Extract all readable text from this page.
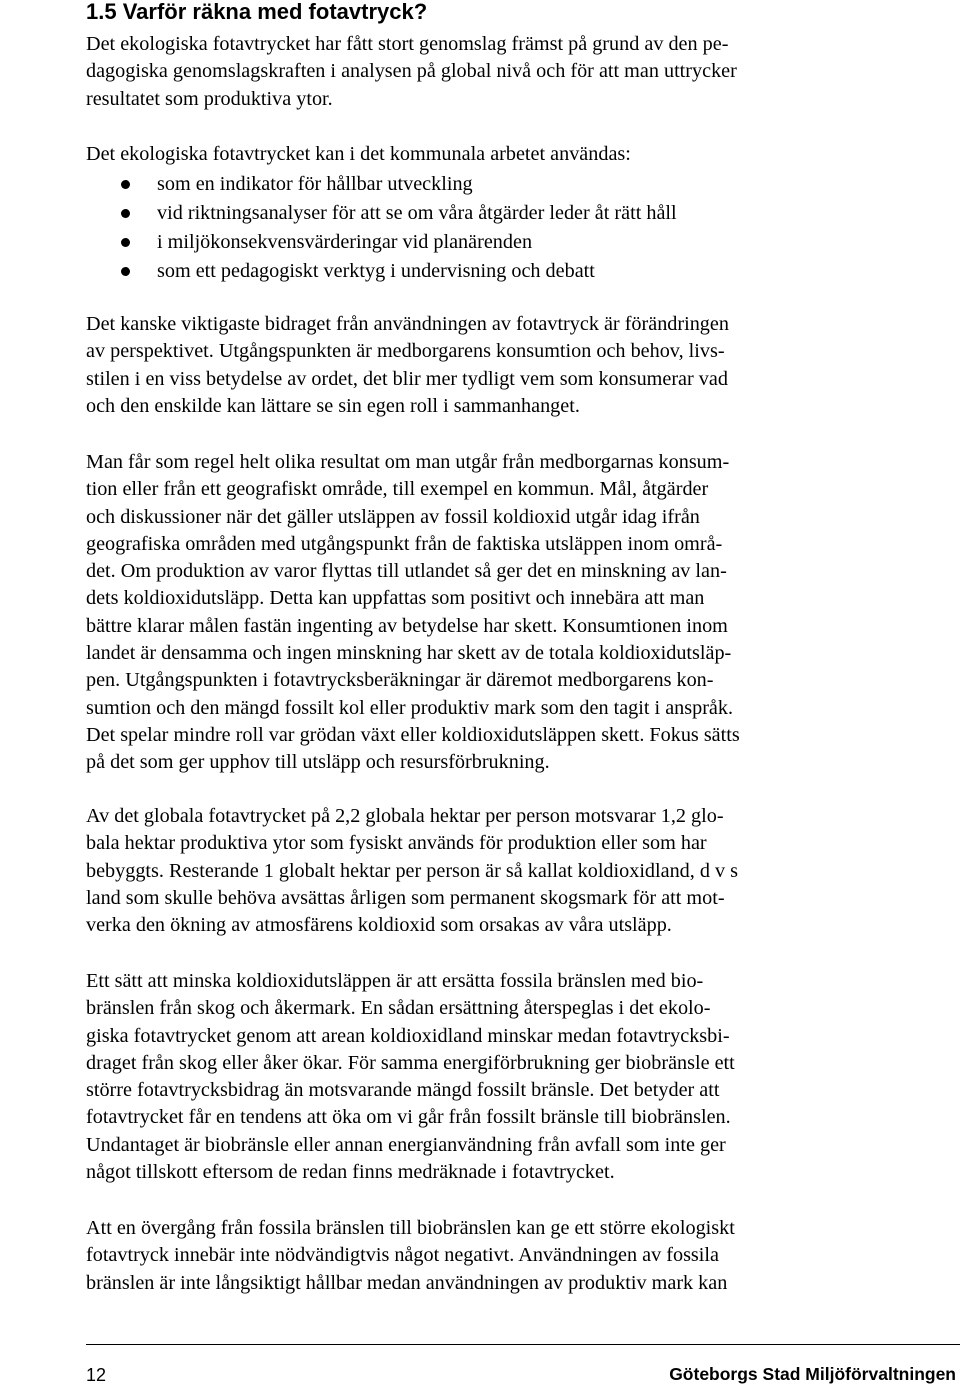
1.5 Varför räkna med fotavtryck?
Det ekologiska fotavtrycket har fått stort genomslag främst på grund av den pe-
dagogiska genomslagskraften i analysen på global nivå och för att man uttrycker
resultatet som produktiva ytor.
Det ekologiska fotavtrycket kan i det kommunala arbetet användas:
som en indikator för hållbar utveckling
vid riktningsanalyser för att se om våra åtgärder leder åt rätt håll
i miljökonsekvensvärderingar vid planärenden
som ett pedagogiskt verktyg i undervisning och debatt
Det kanske viktigaste bidraget från användningen av fotavtryck är förändringen
av perspektivet. Utgångspunkten är medborgarens konsumtion och behov, livs-
stilen i en viss betydelse av ordet, det blir mer tydligt vem som konsumerar vad
och den enskilde kan lättare se sin egen roll i sammanhanget.
Man får som regel helt olika resultat om man utgår från medborgarnas konsum-
tion eller från ett geografiskt område, till exempel en kommun. Mål, åtgärder
och diskussioner när det gäller utsläppen av fossil koldioxid utgår idag ifrån
geografiska områden med utgångspunkt från de faktiska utsläppen inom områ-
det. Om produktion av varor flyttas till utlandet så ger det en minskning av lan-
dets koldioxidutsläpp. Detta kan uppfattas som positivt och innebära att man
bättre klarar målen fastän ingenting av betydelse har skett. Konsumtionen inom
landet är densamma och ingen minskning har skett av de totala koldioxidutsläp-
pen. Utgångspunkten i fotavtrycksberäkningar är däremot medborgarens kon-
sumtion och den mängd fossilt kol eller produktiv mark som den tagit i anspråk.
Det spelar mindre roll var grödan växt eller koldioxidutsläppen skett. Fokus sätts
på det som ger upphov till utsläpp och resursförbrukning.
Av det globala fotavtrycket på 2,2 globala hektar per person motsvarar 1,2 glo-
bala hektar produktiva ytor som fysiskt används för produktion eller som har
bebyggts. Resterande 1 globalt hektar per person är så kallat koldioxidland, d v s
land som skulle behöva avsättas årligen som permanent skogsmark för att mot-
verka den ökning av atmosfärens koldioxid som orsakas av våra utsläpp.
Ett sätt att minska koldioxidutsläppen är att ersätta fossila bränslen med bio-
bränslen från skog och åkermark. En sådan ersättning återspeglas i det ekolo-
giska fotavtrycket genom att arean koldioxidland minskar medan fotavtrycksbi-
draget från skog eller åker ökar. För samma energiförbrukning ger biobränsle ett
större fotavtrycksbidrag än motsvarande mängd fossilt bränsle. Det betyder att
fotavtrycket får en tendens att öka om vi går från fossilt bränsle till biobränslen.
Undantaget är biobränsle eller annan energianvändning från avfall som inte ger
något tillskott eftersom de redan finns medräknade i fotavtrycket.
Att en övergång från fossila bränslen till biobränslen kan ge ett större ekologiskt
fotavtryck innebär inte nödvändigtvis något negativt. Användningen av fossila
bränslen är inte långsiktigt hållbar medan användningen av produktiv mark kan
12	Göteborgs Stad Miljöförvaltningen
